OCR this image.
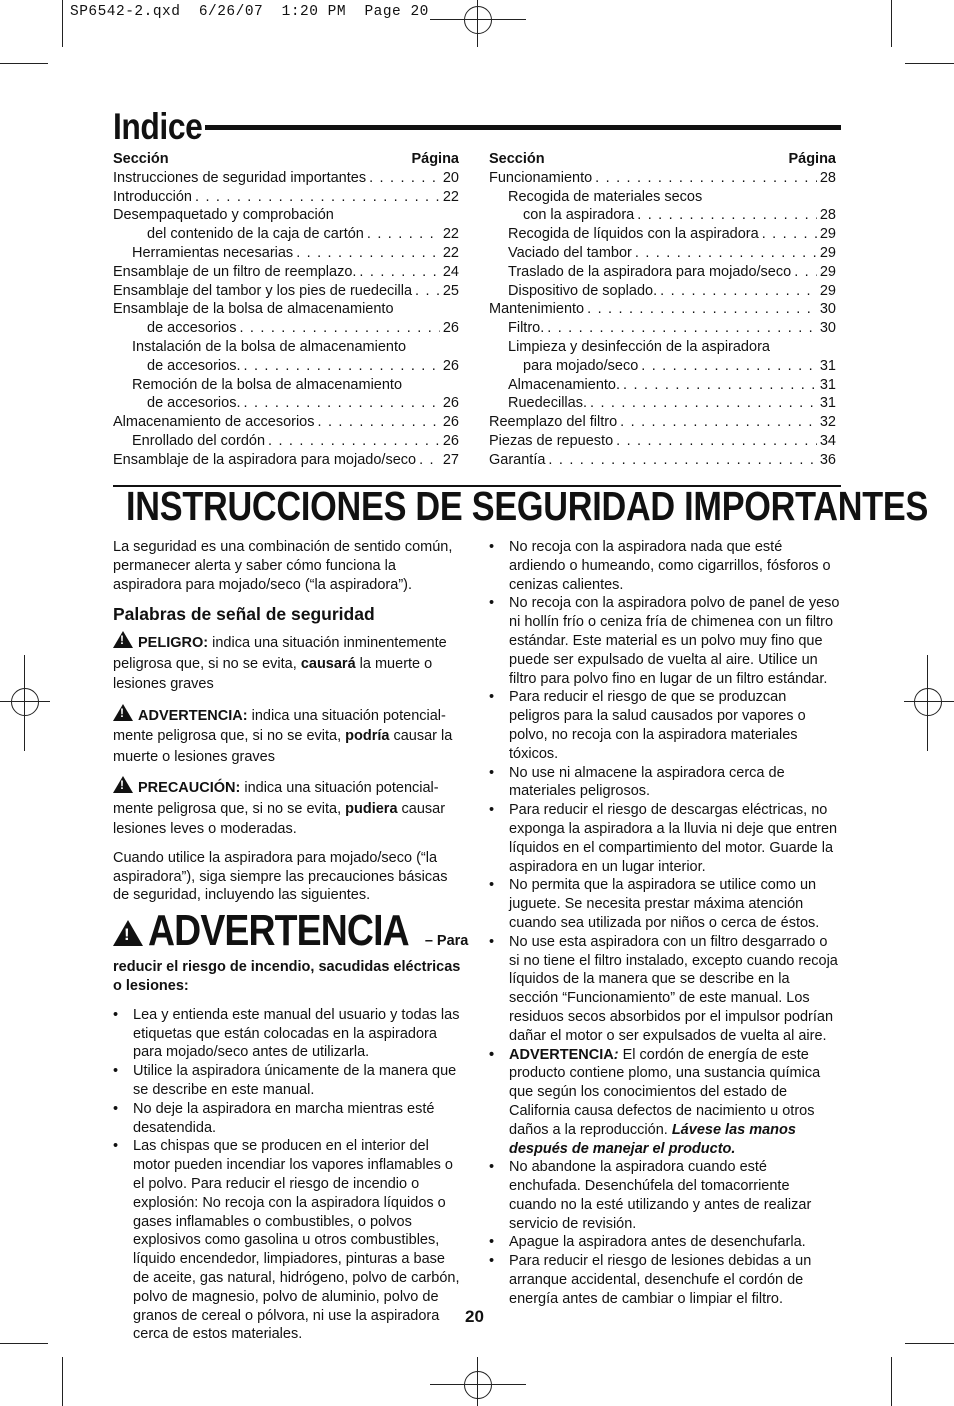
SP6542-2.qxd  6/26/07  1:20 PM  Page 20
Indice
Sección	Página
Instrucciones de seguridad importantes . . .	20
Introducción . . .	22
Desempaquetado y comprobación
del contenido de la caja de cartón . . .	22
Herramientas necesarias . . .	22
Ensamblaje de un filtro de reemplazo. . . .	24
Ensamblaje del tambor y los pies de ruedecilla . . . 25
Ensamblaje de la bolsa de almacenamiento
de accesorios . . .	26
Instalación de la bolsa de almacenamiento
de accesorios. . . .	26
Remoción de la bolsa de almacenamiento
de accesorios. . . .	26
Almacenamiento de accesorios . . .	26
Enrollado del cordón . . .	26
Ensamblaje de la aspiradora para mojado/seco . . . 27
Sección	Página
Funcionamiento . . .	28
Recogida de materiales secos
con la aspiradora . . .	28
Recogida de líquidos con la aspiradora . . .	29
Vaciado del tambor . . .	29
Traslado de la aspiradora para mojado/seco . . . 29
Dispositivo de soplado. . . .	29
Mantenimiento . . .	30
Filtro. . . .	30
Limpieza y desinfección de la aspiradora
para mojado/seco . . .	31
Almacenamiento. . . .	31
Ruedecillas. . . .	31
Reemplazo del filtro . . .	32
Piezas de repuesto . . .	34
Garantía . . .	36
INSTRUCCIONES DE SEGURIDAD IMPORTANTES

La seguridad es una combinación de sentido común, permanecer alerta y saber cómo funciona la aspiradora para mojado/seco (“la aspiradora”).

Palabras de señal de seguridad

!PELIGRO: indica una situación inminentemente peligrosa que, si no se evita, causará la muerte o lesiones graves

!ADVERTENCIA: indica una situación potencial-mente peligrosa que, si no se evita, podría causar la muerte o lesiones graves

!PRECAUCIÓN: indica una situación potencial-mente peligrosa que, si no se evita, pudiera causar lesiones leves o moderadas.

Cuando utilice la aspiradora para mojado/seco (“la aspiradora”), siga siempre las precauciones básicas de seguridad, incluyendo las siguientes.

!ADVERTENCIA – Para

reducir el riesgo de incendio, sacudidas eléctricas o lesiones:

• Lea y entienda este manual del usuario y todas las etiquetas que están colocadas en la aspiradora para mojado/seco antes de utilizarla.
• Utilice la aspiradora únicamente de la manera que se describe en este manual.
• No deje la aspiradora en marcha mientras esté desatendida.
• Las chispas que se producen en el interior del motor pueden incendiar los vapores inflamables o el polvo. Para reducir el riesgo de incendio o explosión: No recoja con la aspiradora líquidos o gases inflamables o combustibles, o polvos explosivos como gasolina u otros combustibles, líquido encendedor, limpiadores, pinturas a base de aceite, gas natural, hidrógeno, polvo de carbón, polvo de magnesio, polvo de aluminio, polvo de granos de cereal o pólvora, ni use la aspiradora cerca de estos materiales.
• No recoja con la aspiradora nada que esté ardiendo o humeando, como cigarrillos, fósforos o cenizas calientes.
• No recoja con la aspiradora polvo de panel de yeso ni hollín frío o ceniza fría de chimenea con un filtro estándar. Este material es un polvo muy fino que puede ser expulsado de vuelta al aire. Utilice un filtro para polvo fino en lugar de un filtro estándar.
• Para reducir el riesgo de que se produzcan peligros para la salud causados por vapores o polvo, no recoja con la aspiradora materiales tóxicos.
• No use ni almacene la aspiradora cerca de materiales peligrosos.
• Para reducir el riesgo de descargas eléctricas, no exponga la aspiradora a la lluvia ni deje que entren líquidos en el compartimiento del motor. Guarde la aspiradora en un lugar interior.
• No permita que la aspiradora se utilice como un juguete. Se necesita prestar máxima atención cuando sea utilizada por niños o cerca de éstos.
• No use esta aspiradora con un filtro desgarrado o si no tiene el filtro instalado, excepto cuando recoja líquidos de la manera que se describe en la sección “Funcionamiento” de este manual. Los residuos secos absorbidos por el impulsor podrían dañar el motor o ser expulsados de vuelta al aire.
• ADVERTENCIA: El cordón de energía de este producto contiene plomo, una sustancia química que según los conocimientos del estado de California causa defectos de nacimiento u otros daños a la reproducción. Lávese las manos después de manejar el producto.
• No abandone la aspiradora cuando esté enchufada. Desenchúfela del tomacorriente cuando no la esté utilizando y antes de realizar servicio de revisión.
• Apague la aspiradora antes de desenchufarla.
• Para reducir el riesgo de lesiones debidas a un arranque accidental, desenchufe el cordón de energía antes de cambiar o limpiar el filtro.
20
